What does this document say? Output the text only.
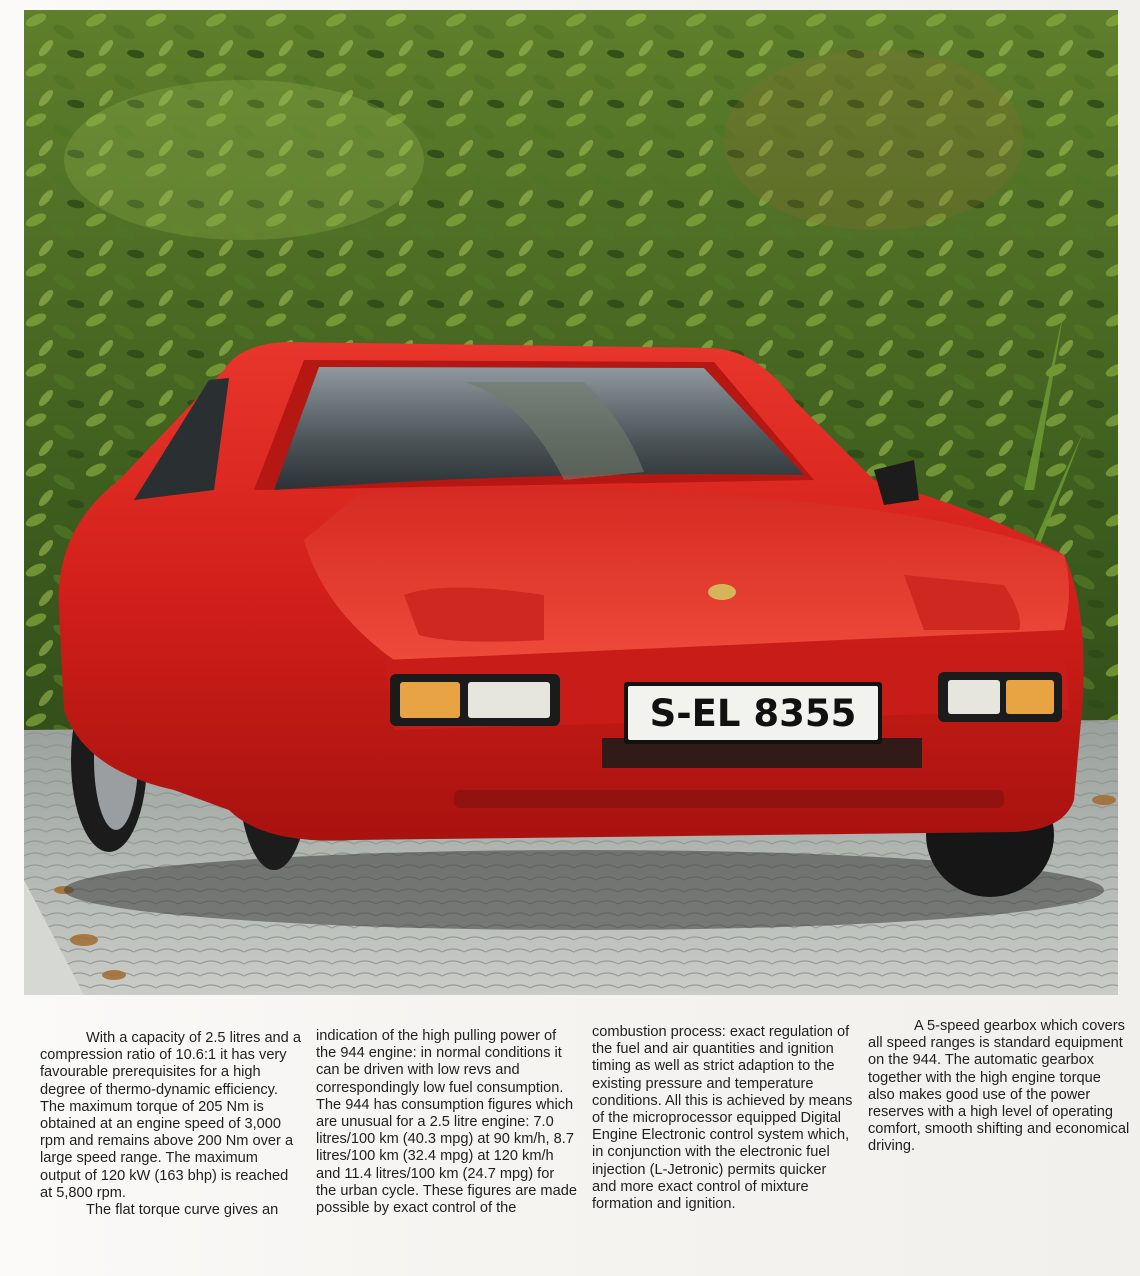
S-EL 8355

With a capacity of 2.5 litres and a compression ratio of 10.6:1 it has very favourable prerequisites for a high degree of thermo-dynamic efficiency. The maximum torque of 205 Nm is obtained at an engine speed of 3,000 rpm and remains above 200 Nm over a large speed range. The maximum output of 120 kW (163 bhp) is reached at 5,800 rpm.

The flat torque curve gives an

indication of the high pulling power of the 944 engine: in normal conditions it can be driven with low revs and correspondingly low fuel consumption. The 944 has consumption figures which are unusual for a 2.5 litre engine: 7.0 litres/100 km (40.3 mpg) at 90 km/h, 8.7 litres/100 km (32.4 mpg) at 120 km/h and 11.4 litres/100 km (24.7 mpg) for the urban cycle. These figures are made possible by exact control of the

combustion process: exact regulation of the fuel and air quantities and ignition timing as well as strict adaption to the existing pressure and temperature conditions. All this is achieved by means of the microprocessor equipped Digital Engine Electronic control system which, in conjunction with the electronic fuel injection (L-Jetronic) permits quicker and more exact control of mixture formation and ignition.

A 5-speed gearbox which covers all speed ranges is standard equipment on the 944. The automatic gearbox together with the high engine torque also makes good use of the power reserves with a high level of operating comfort, smooth shifting and economical driving.
